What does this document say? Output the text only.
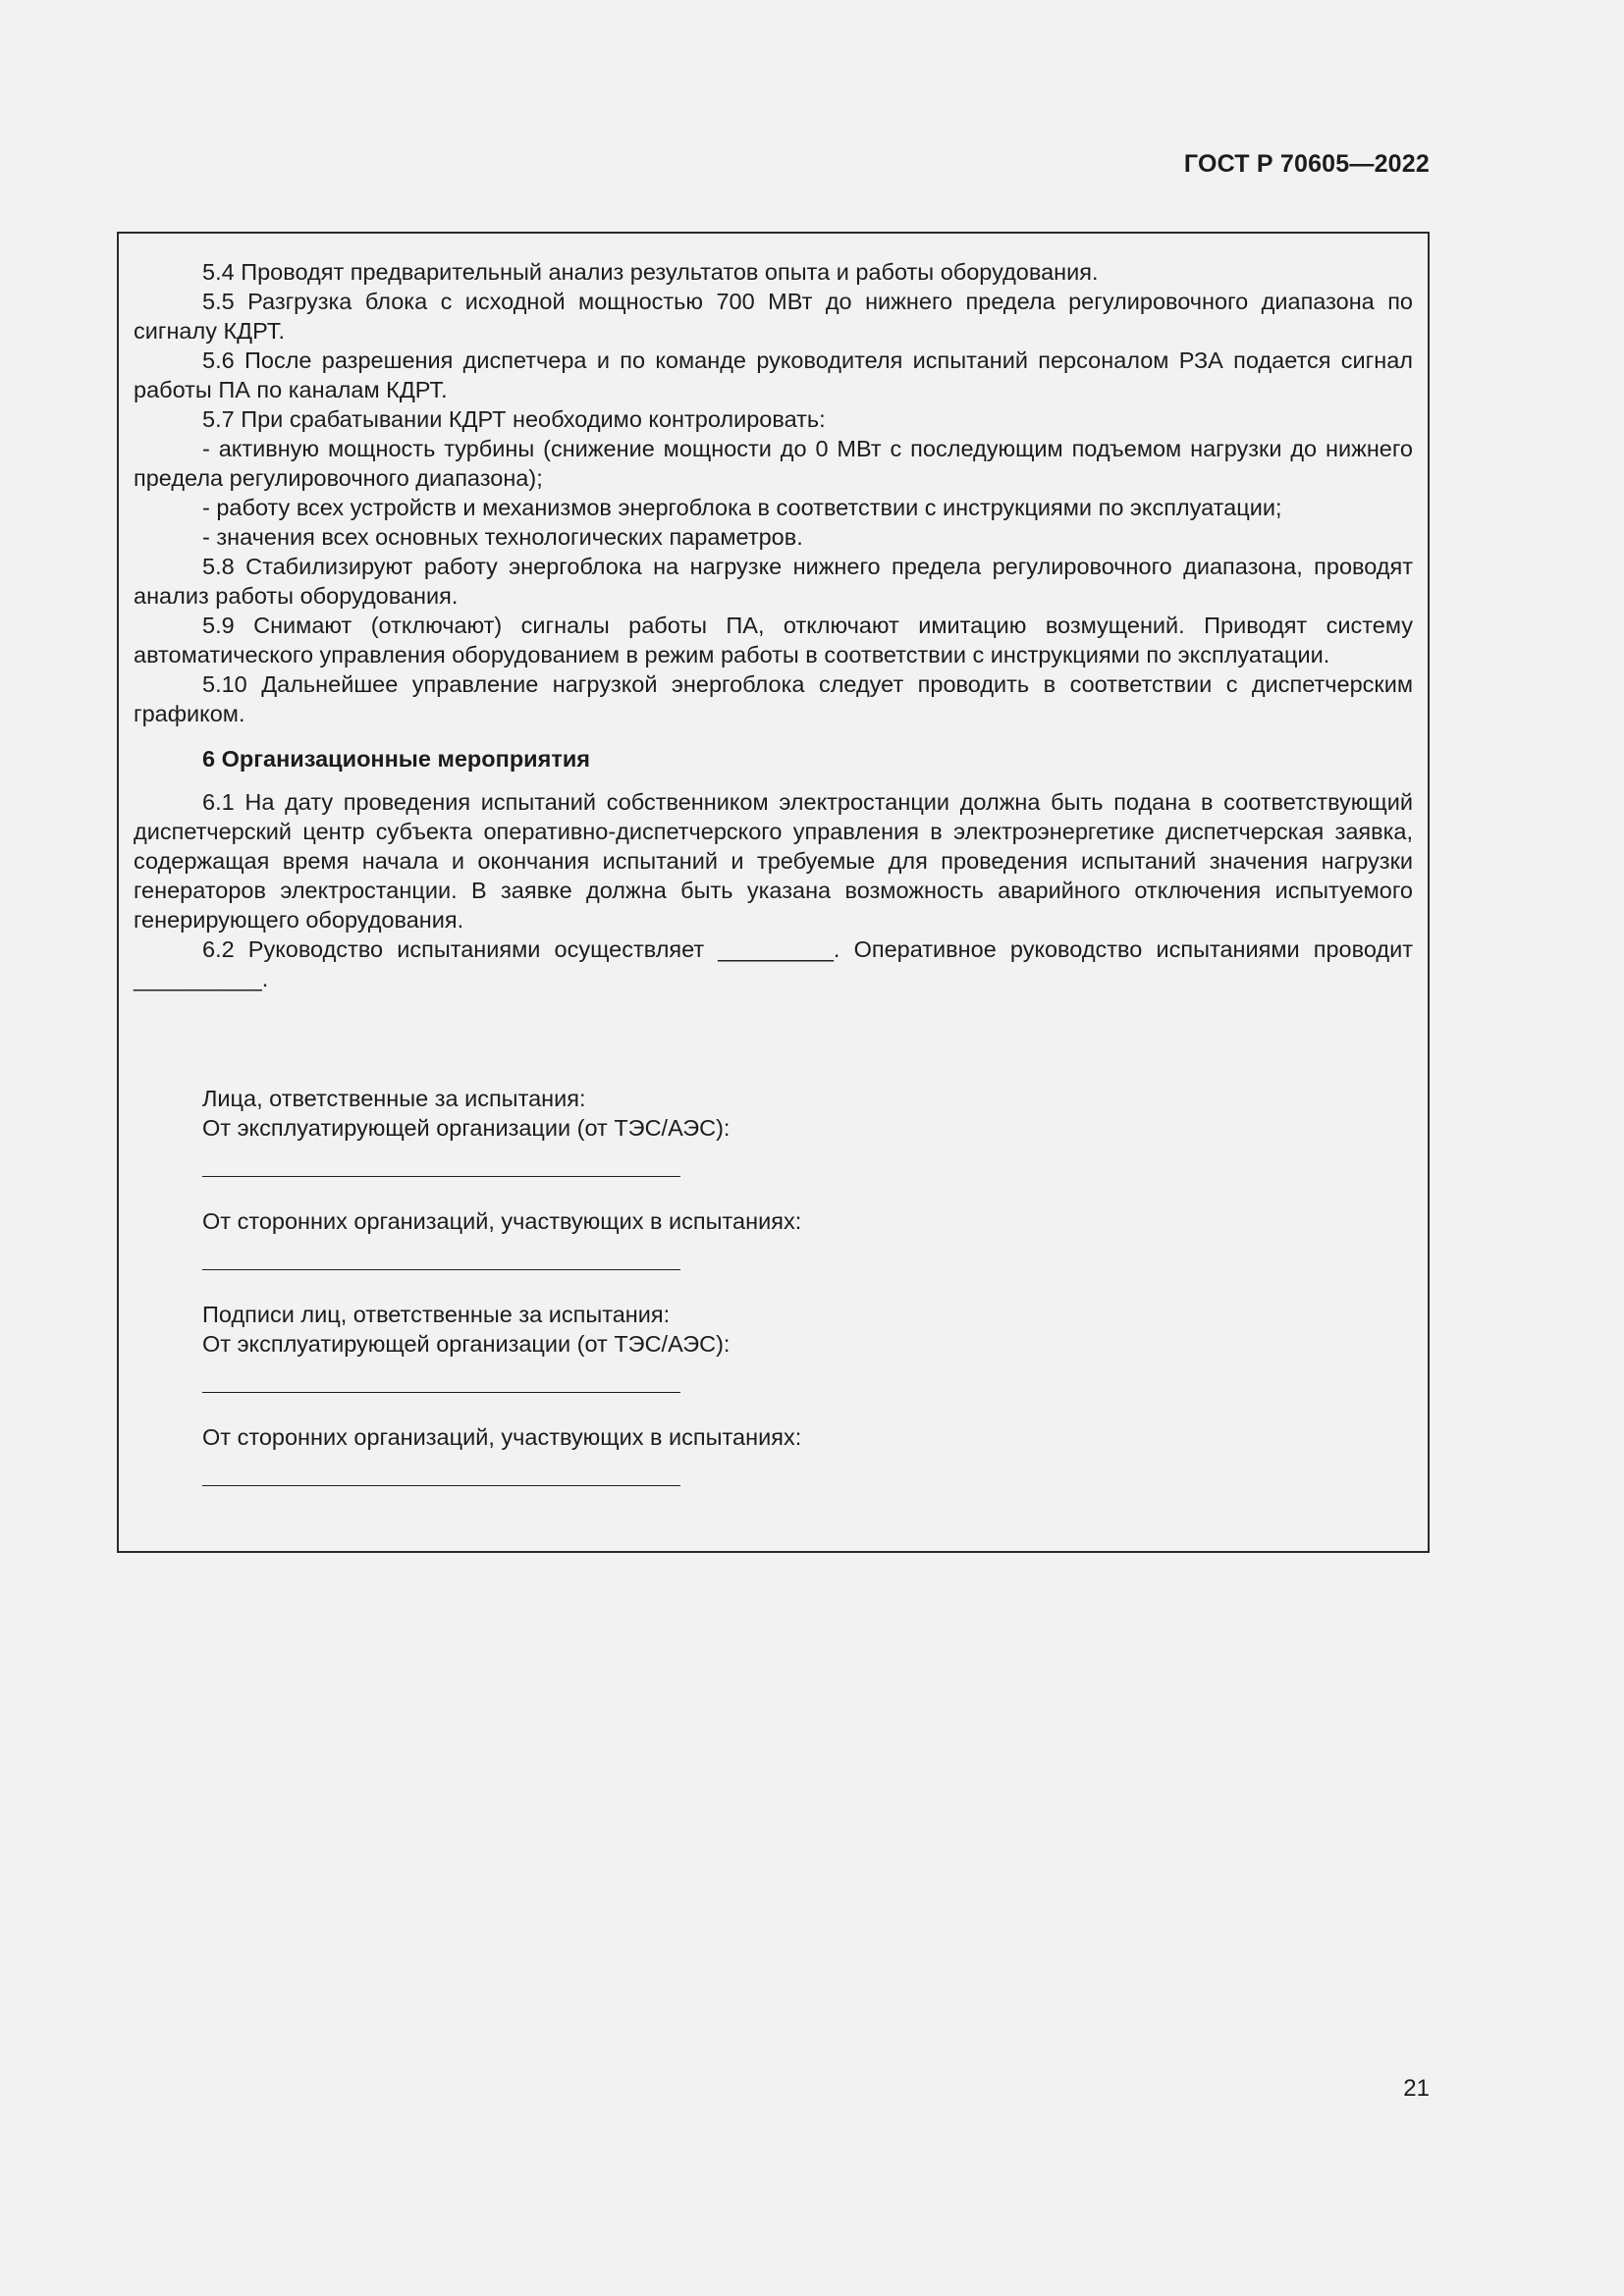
ГОСТ Р 70605—2022

5.4 Проводят предварительный анализ результатов опыта и работы оборудования.

5.5 Разгрузка блока с исходной мощностью 700 МВт до нижнего предела регулировочного диапазона по сигналу КДРТ.

5.6 После разрешения диспетчера и по команде руководителя испытаний персоналом РЗА подается сигнал работы ПА по каналам КДРТ.

5.7 При срабатывании КДРТ необходимо контролировать:

- активную мощность турбины (снижение мощности до 0 МВт с последующим подъемом нагрузки до нижнего предела регулировочного диапазона);

- работу всех устройств и механизмов энергоблока в соответствии с инструкциями по эксплуатации;

- значения всех основных технологических параметров.

5.8 Стабилизируют работу энергоблока на нагрузке нижнего предела регулировочного диапазона, проводят анализ работы оборудования.

5.9 Снимают (отключают) сигналы работы ПА, отключают имитацию возмущений. Приводят систему автоматического управления оборудованием в режим работы в соответствии с инструкциями по эксплуатации.

5.10 Дальнейшее управление нагрузкой энергоблока следует проводить в соответствии с диспетчерским графиком.

6 Организационные мероприятия

6.1 На дату проведения испытаний собственником электростанции должна быть подана в соответствующий диспетчерский центр субъекта оперативно-диспетчерского управления в электроэнергетике диспетчерская заявка, содержащая время начала и окончания испытаний и требуемые для проведения испытаний значения нагрузки генераторов электростанции. В заявке должна быть указана возможность аварийного отключения испытуемого генерирующего оборудования.

6.2 Руководство испытаниями осуществляет _________. Оперативное руководство испытаниями проводит __________.

Лица, ответственные за испытания:

От эксплуатирующей организации (от ТЭС/АЭС):

От сторонних организаций, участвующих в испытаниях:

Подписи лиц, ответственные за испытания:

От эксплуатирующей организации (от ТЭС/АЭС):

От сторонних организаций, участвующих в испытаниях:

21
